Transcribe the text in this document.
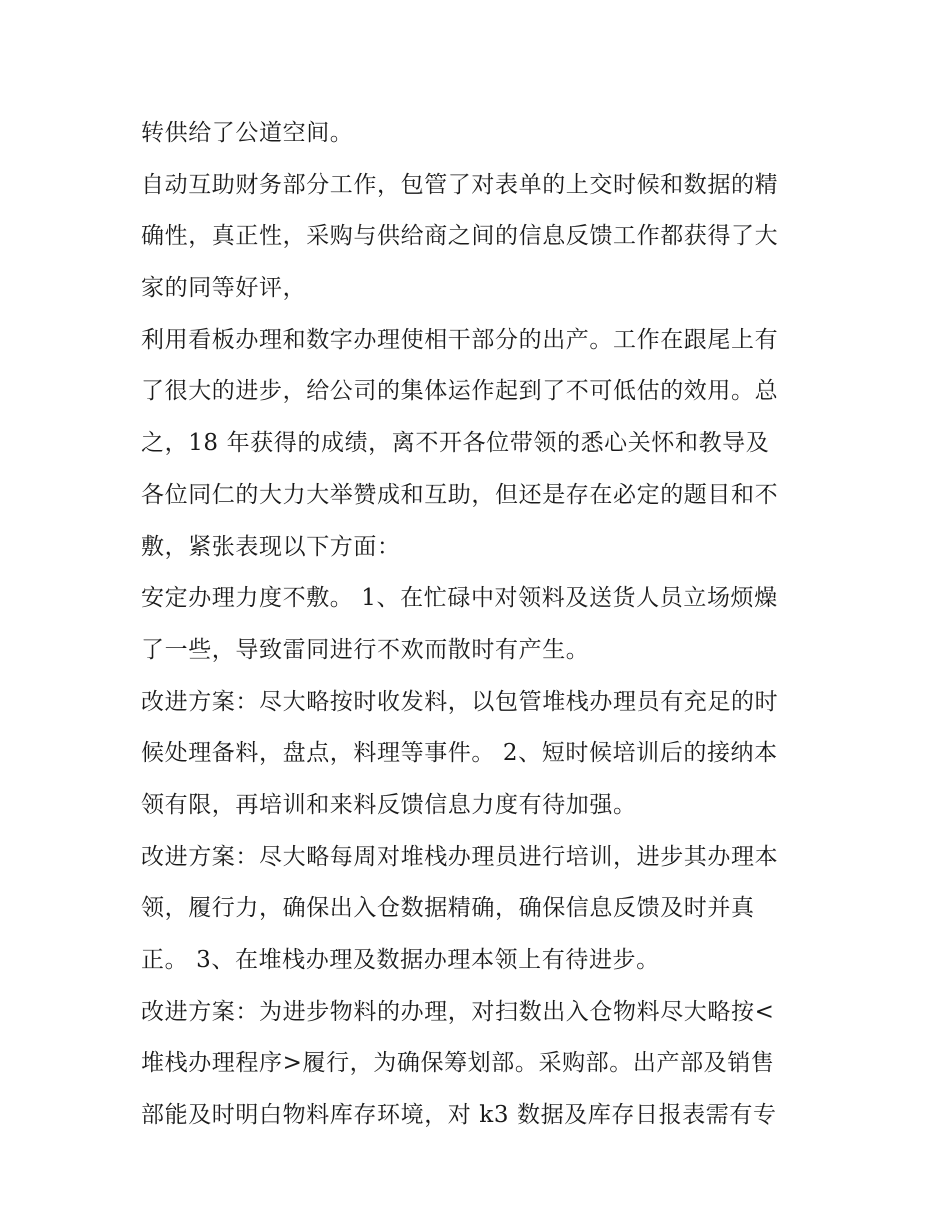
转供给了公道空间。
自动互助财务部分工作，包管了对表单的上交时候和数据的精
确性，真正性，采购与供给商之间的信息反馈工作都获得了大
家的同等好评，
利用看板办理和数字办理使相干部分的出产。工作在跟尾上有
了很大的进步，给公司的集体运作起到了不可低估的效用。总
之，18 年获得的成绩，离不开各位带领的悉心关怀和教导及
各位同仁的大力大举赞成和互助，但还是存在必定的题目和不
敷，紧张表现以下方面：
安定办理力度不敷。 1、在忙碌中对领料及送货人员立场烦燥
了一些，导致雷同进行不欢而散时有产生。
改进方案：尽大略按时收发料，以包管堆栈办理员有充足的时
候处理备料，盘点，料理等事件。 2、短时候培训后的接纳本
领有限，再培训和来料反馈信息力度有待加强。
改进方案：尽大略每周对堆栈办理员进行培训，进步其办理本
领，履行力，确保出入仓数据精确，确保信息反馈及时并真
正。 3、在堆栈办理及数据办理本领上有待进步。
改进方案：为进步物料的办理，对扫数出入仓物料尽大略按<
堆栈办理程序>履行，为确保筹划部。采购部。出产部及销售
部能及时明白物料库存环境，对 k3 数据及库存日报表需有专
